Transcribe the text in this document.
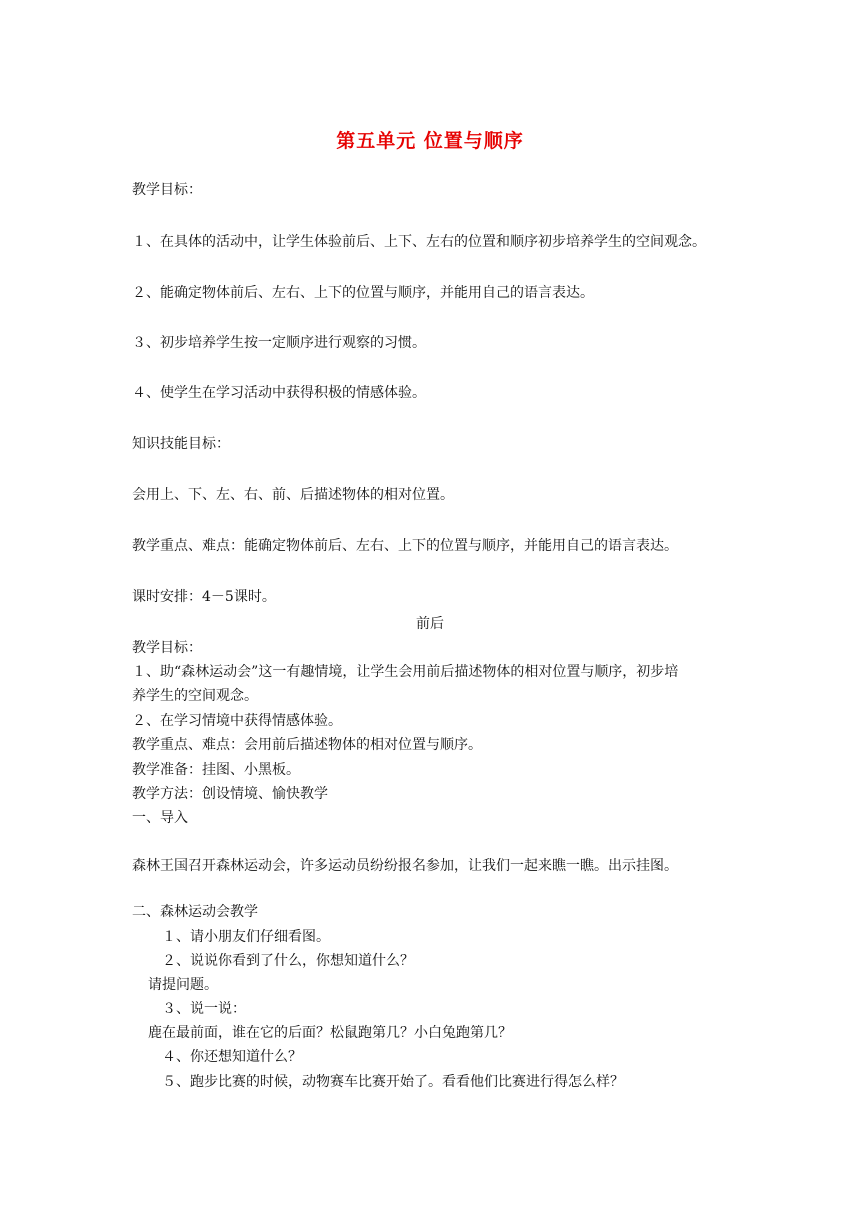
第五单元 位置与顺序
教学目标：
１、在具体的活动中，让学生体验前后、上下、左右的位置和顺序初步培养学生的空间观念。
２、能确定物体前后、左右、上下的位置与顺序，并能用自己的语言表达。
３、初步培养学生按一定顺序进行观察的习惯。
４、使学生在学习活动中获得积极的情感体验。
知识技能目标：
会用上、下、左、右、前、后描述物体的相对位置。
教学重点、难点：能确定物体前后、左右、上下的位置与顺序，并能用自己的语言表达。
课时安排：4－5课时。
前后
教学目标：
１、助“森林运动会”这一有趣情境，让学生会用前后描述物体的相对位置与顺序，初步培
养学生的空间观念。
２、在学习情境中获得情感体验。
教学重点、难点：会用前后描述物体的相对位置与顺序。
教学准备：挂图、小黑板。
教学方法：创设情境、愉快教学
一、导入
森林王国召开森林运动会，许多运动员纷纷报名参加，让我们一起来瞧一瞧。出示挂图。
二、森林运动会教学
１、请小朋友们仔细看图。
２、说说你看到了什么，你想知道什么？
请提问题。
３、说一说：
鹿在最前面，谁在它的后面？松鼠跑第几？小白兔跑第几？
４、你还想知道什么？
５、跑步比赛的时候，动物赛车比赛开始了。看看他们比赛进行得怎么样？
